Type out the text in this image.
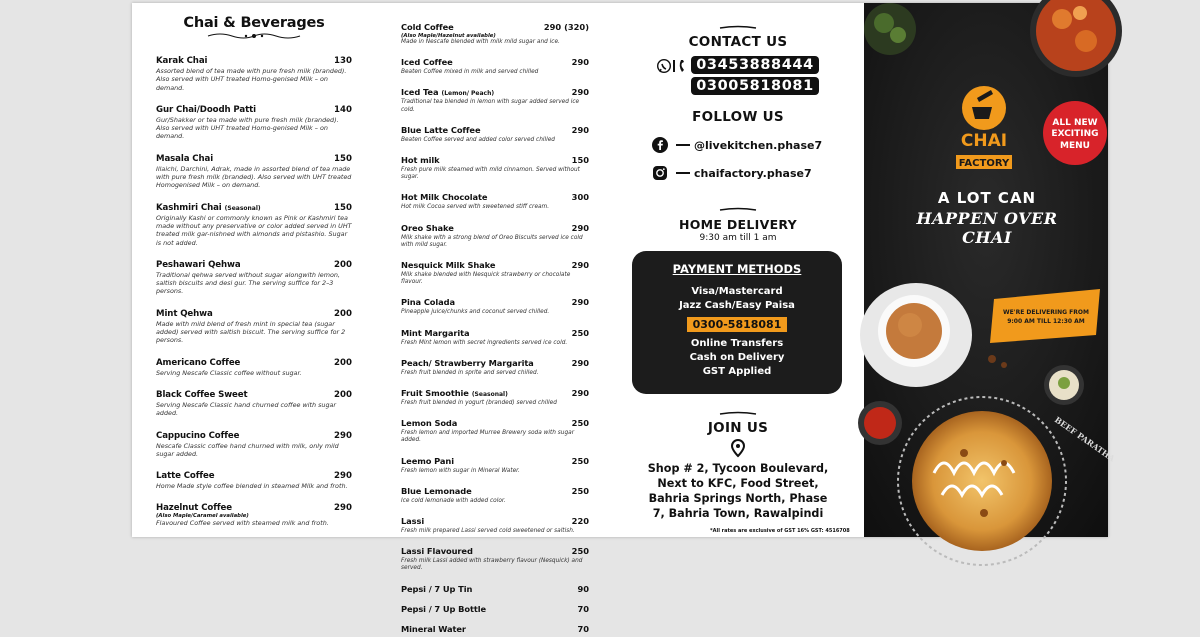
Chai & Beverages
Karak Chai	130
Assorted blend of tea made with pure fresh milk (branded). Also served with UHT treated Homo-genised Milk – on demand.
Gur Chai/Doodh Patti	140
Gur/Shakker or tea made with pure fresh milk (branded). Also served with UHT treated Homo-genised Milk – on demand.
Masala Chai	150
Illaichi, Darchini, Adrak, made in assorted blend of tea made with pure fresh milk (branded). Also served with UHT treated Homogenised Milk – on demand.
Kashmiri Chai (Seasonal)	150
Originally Kashi or commonly known as Pink or Kashmiri tea made without any preservative or color added served in UHT treated milk gar-nishned with almonds and pistashio. Sugar is not added.
Peshawari Qehwa	200
Traditional qehwa served without sugar alongwith lemon, saltish biscuits and desi gur. The serving suffice for 2–3 persons.
Mint Qehwa	200
Made with mild blend of fresh mint in special tea (sugar added) served with saltish biscuit. The serving suffice for 2 persons.
Americano Coffee	200
Serving Nescafe Classic coffee without sugar.
Black Coffee Sweet	200
Serving Nescafe Classic hand churned coffee with sugar added.
Cappucino Coffee	290
Nescafe Classic coffee hand churned with milk, only mild sugar added.
Latte Coffee	290
Home Made style coffee blended in steamed Milk and froth.
Hazelnut Coffee	290
(Also Maple/Caramel available)
Flavoured Coffee served with steamed milk and froth.
Cold Coffee	290 (320)
(Also Maple/Hazelnut available)
Made in Nescafe blended with milk mild sugar and ice.
Iced Coffee	290
Beaten Coffee mixed in milk and served chilled
Iced Tea (Lemon/ Peach)	290
Traditional tea blended in lemon with sugar added served ice cold.
Blue Latte Coffee	290
Beaten Coffee served and added color served chilled
Hot milk	150
Fresh pure milk steamed with mild cinnamon. Served without sugar.
Hot Milk Chocolate	300
Hot milk Cocoa served with sweetened stiff cream.
Oreo Shake	290
Milk shake with a strong blend of Oreo Biscuits served ice cold with mild sugar.
Nesquick Milk Shake	290
Milk shake blended with Nesquick strawberry or chocolate flavour.
Pina Colada	290
Pineapple juice/chunks and coconut served chilled.
Mint Margarita	250
Fresh Mint lemon with secret ingredients served ice cold.
Peach/ Strawberry Margarita	290
Fresh fruit blended in sprite and served chilled.
Fruit Smoothie (Seasonal)	290
Fresh fruit blended in yogurt (branded) served chilled
Lemon Soda	250
Fresh lemon and imported Murree Brewery soda with sugar added.
Leemo Pani	250
Fresh lemon with sugar in Mineral Water.
Blue Lemonade	250
Ice cold lemonade with added color.
Lassi	220
Fresh milk prepared Lassi served cold sweetened or saltish.
Lassi Flavoured	250
Fresh milk Lassi added with strawberry flavour (Nesquick) and served.
Pepsi / 7 Up Tin	90
Pepsi / 7 Up Bottle	70
Mineral Water	70
CONTACT US
03453888444
03005818081
FOLLOW US
@livekitchen.phase7
chaifactory.phase7
HOME DELIVERY
9:30 am till 1 am
PAYMENT METHODS
Visa/Mastercard
Jazz Cash/Easy Paisa
0300-5818081
Online Transfers
Cash on Delivery
GST Applied
JOIN US
Shop # 2, Tycoon Boulevard,
Next to KFC, Food Street,
Bahria Springs North, Phase
7, Bahria Town, Rawalpindi
*All rates are exclusive of GST 16% GST: 4516708
CHAI
FACTORY
ALL NEW
EXCITING
MENU
WE'RE DELIVERING FROM
9:00 AM TILL 12:30 AM
BEEF PARATHA
A LOT CAN
HAPPEN OVER CHAI
